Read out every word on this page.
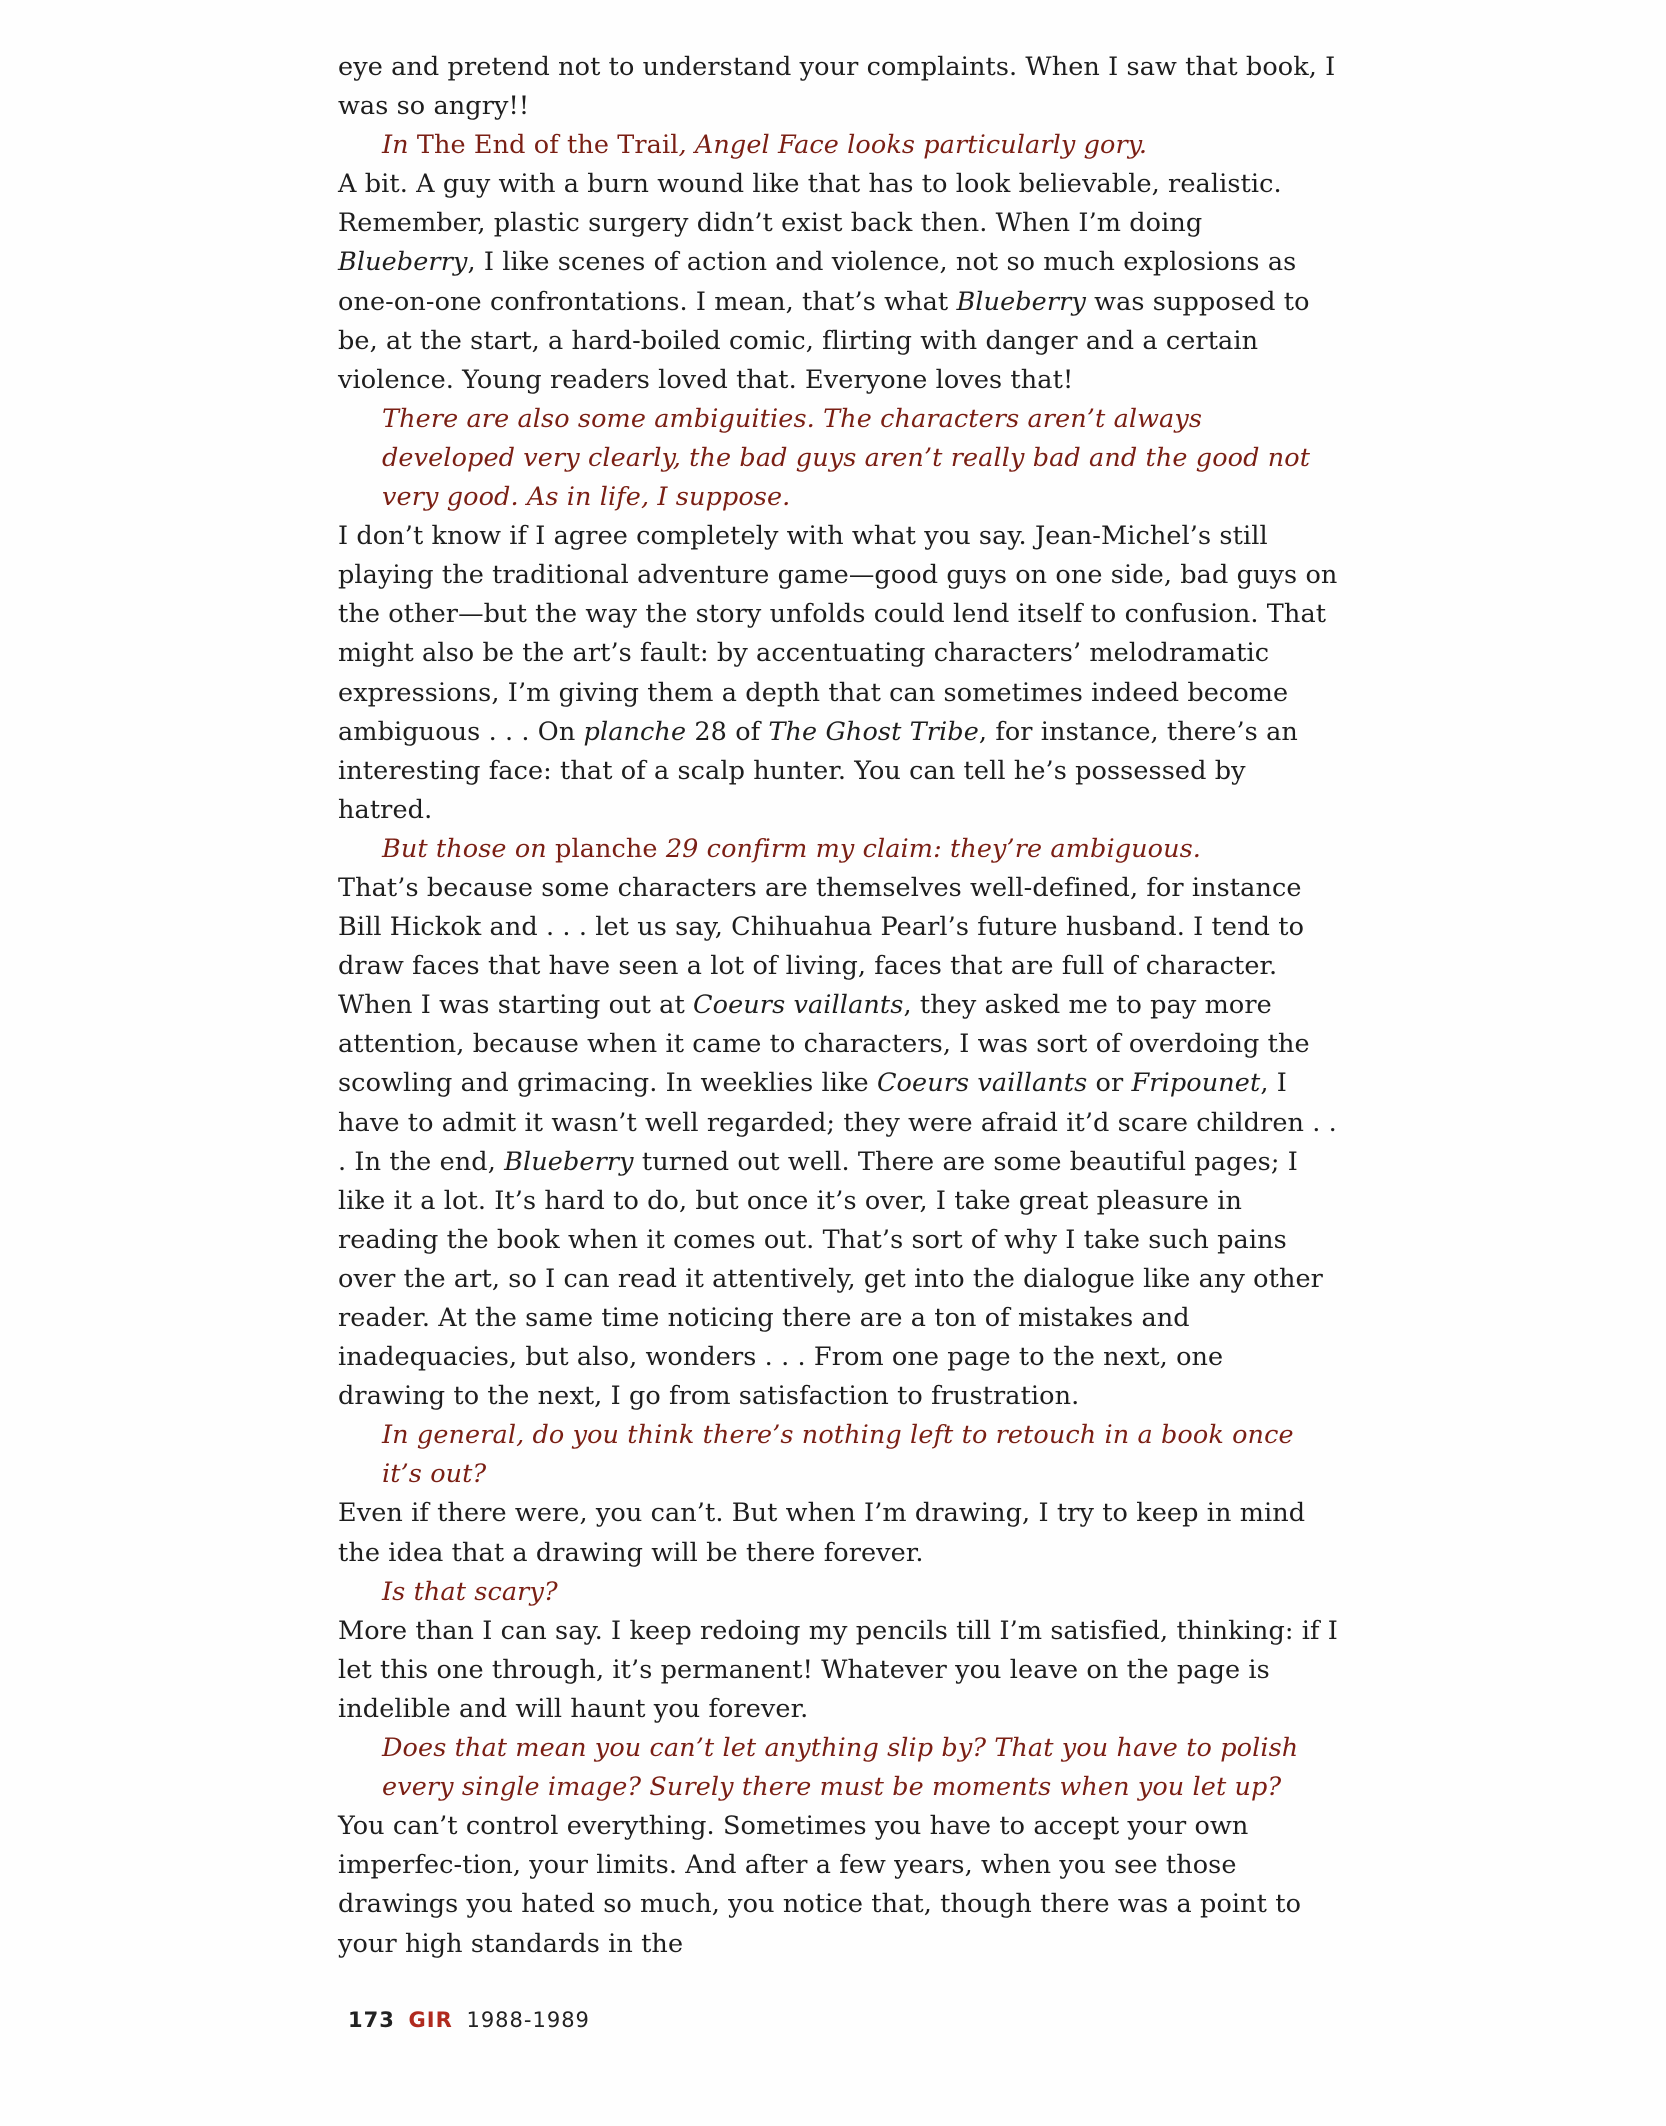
eye and pretend not to understand your complaints. When I saw that book, I was so angry!!

In The End of the Trail, Angel Face looks particularly gory.

A bit. A guy with a burn wound like that has to look believable, realistic. Remember, plastic surgery didn’t exist back then. When I’m doing Blueberry, I like scenes of action and violence, not so much explosions as one-on-one confrontations. I mean, that’s what Blueberry was supposed to be, at the start, a hard-boiled comic, flirting with danger and a certain violence. Young readers loved that. Everyone loves that!

There are also some ambiguities. The characters aren’t always developed very clearly, the bad guys aren’t really bad and the good not very good. As in life, I suppose.

I don’t know if I agree completely with what you say. Jean-Michel’s still playing the traditional adventure game—good guys on one side, bad guys on the other—but the way the story unfolds could lend itself to confusion. That might also be the art’s fault: by accentuating characters’ melodramatic expressions, I’m giving them a depth that can sometimes indeed become ambiguous . . . On planche 28 of The Ghost Tribe, for instance, there’s an interesting face: that of a scalp hunter. You can tell he’s possessed by hatred.

But those on planche 29 confirm my claim: they’re ambiguous.

That’s because some characters are themselves well-defined, for instance Bill Hickok and . . . let us say, Chihuahua Pearl’s future husband. I tend to draw faces that have seen a lot of living, faces that are full of character. When I was starting out at Coeurs vaillants, they asked me to pay more attention, because when it came to characters, I was sort of overdoing the scowling and grimacing. In weeklies like Coeurs vaillants or Fripounet, I have to admit it wasn’t well regarded; they were afraid it’d scare children . . . In the end, Blueberry turned out well. There are some beautiful pages; I like it a lot. It’s hard to do, but once it’s over, I take great pleasure in reading the book when it comes out. That’s sort of why I take such pains over the art, so I can read it attentively, get into the dialogue like any other reader. At the same time noticing there are a ton of mistakes and inadequacies, but also, wonders . . . From one page to the next, one drawing to the next, I go from satisfaction to frustration.

In general, do you think there’s nothing left to retouch in a book once it’s out?

Even if there were, you can’t. But when I’m drawing, I try to keep in mind the idea that a drawing will be there forever.

Is that scary?

More than I can say. I keep redoing my pencils till I’m satisfied, thinking: if I let this one through, it’s permanent! Whatever you leave on the page is indelible and will haunt you forever.

Does that mean you can’t let anything slip by? That you have to polish every single image? Surely there must be moments when you let up?

You can’t control everything. Sometimes you have to accept your own imperfec-tion, your limits. And after a few years, when you see those drawings you hated so much, you notice that, though there was a point to your high standards in the

173 GIR 1988-1989
